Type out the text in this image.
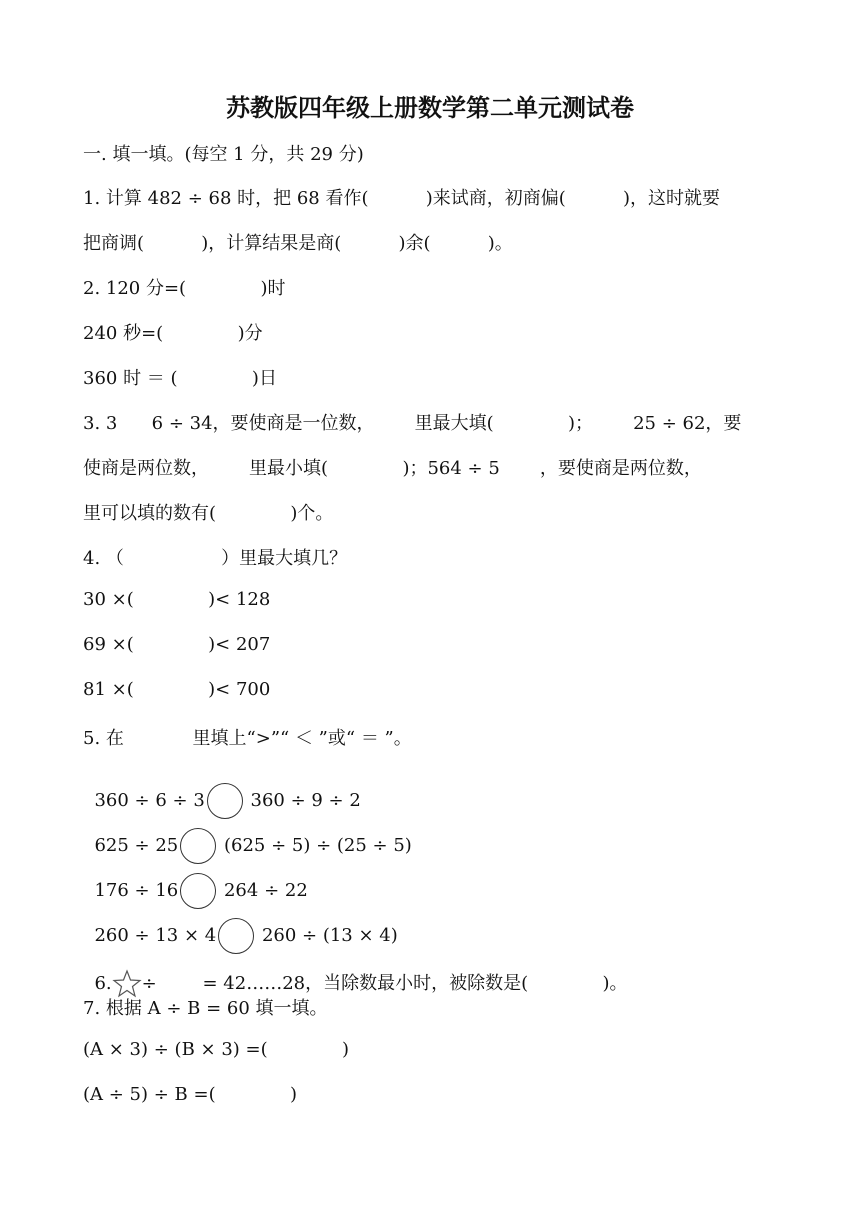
苏教版四年级上册数学第二单元测试卷
一. 填一填。(每空 1 分，共 29 分)
1. 计算 482 ÷ 68 时，把 68 看作(          )来试商，初商偏(          )，这时就要
把商调(          )，计算结果是商(          )余(          )。
2. 120 分=(             )时
240 秒=(             )分
360 时 ＝ (             )日
3. 3      6 ÷ 34，要使商是一位数，       里最大填(             )；       25 ÷ 62，要
使商是两位数，       里最小填(             )；564 ÷ 5       ，要使商是两位数，
里可以填的数有(             )个。
4. （                 ）里最大填几？
30 ×(             )< 128
69 ×(             )< 207
81 ×(             )< 700
5. 在            里填上“>”“ ＜ ”或“ ＝ ”。

360 ÷ 6 ÷ 3	360 ÷ 9 ÷ 2

625 ÷ 25	(625 ÷ 5) ÷ (25 ÷ 5)

176 ÷ 16	264 ÷ 22

260 ÷ 13 × 4	260 ÷ (13 × 4)

6. ÷        = 42……28，当除数最小时，被除数是(             )。

7. 根据 A ÷ B = 60 填一填。
(A × 3) ÷ (B × 3) =(             )
(A ÷ 5) ÷ B =(             )
